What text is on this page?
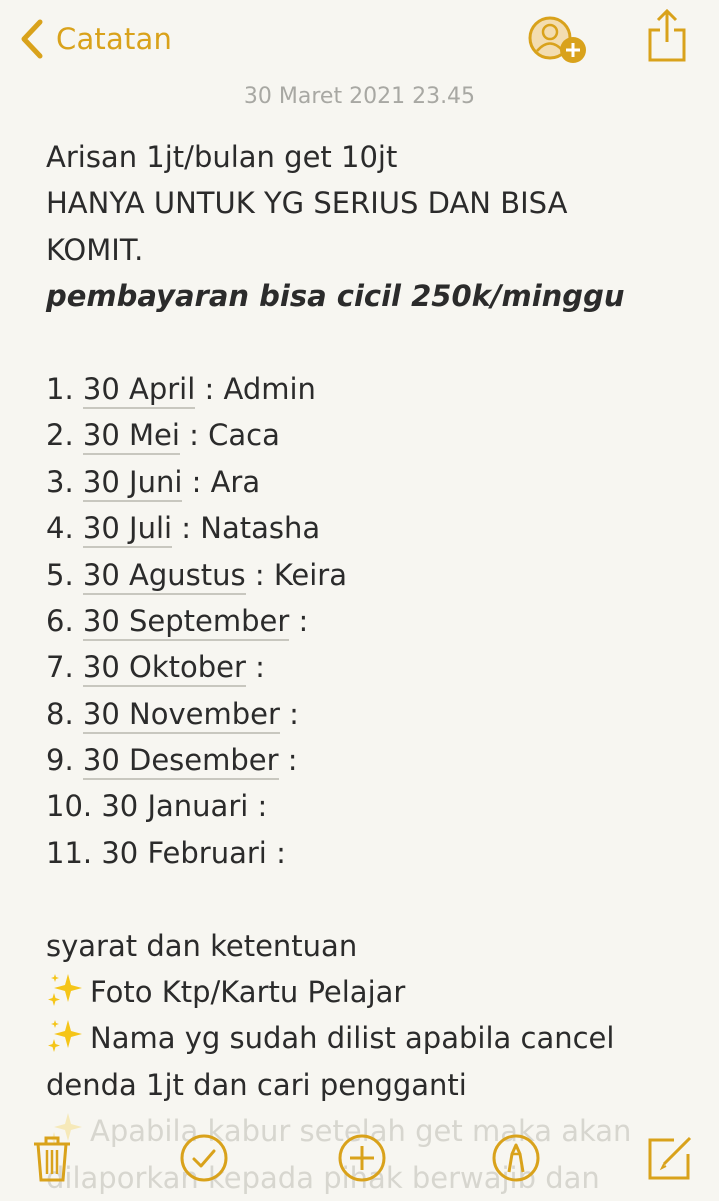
Catatan
30 Maret 2021 23.45
Arisan 1jt/bulan get 10jt
HANYA UNTUK YG SERIUS DAN BISA
KOMIT.
pembayaran bisa cicil 250k/minggu
1. 30 April : Admin
2. 30 Mei : Caca
3. 30 Juni : Ara
4. 30 Juli : Natasha
5. 30 Agustus : Keira
6. 30 September :
7. 30 Oktober :
8. 30 November :
9. 30 Desember :
10. 30 Januari :
11. 30 Februari :
syarat dan ketentuan
Foto Ktp/Kartu Pelajar
Nama yg sudah dilist apabila cancel
denda 1jt dan cari pengganti
Apabila kabur setelah get maka akan
dilaporkan kepada pihak berwajib dan
